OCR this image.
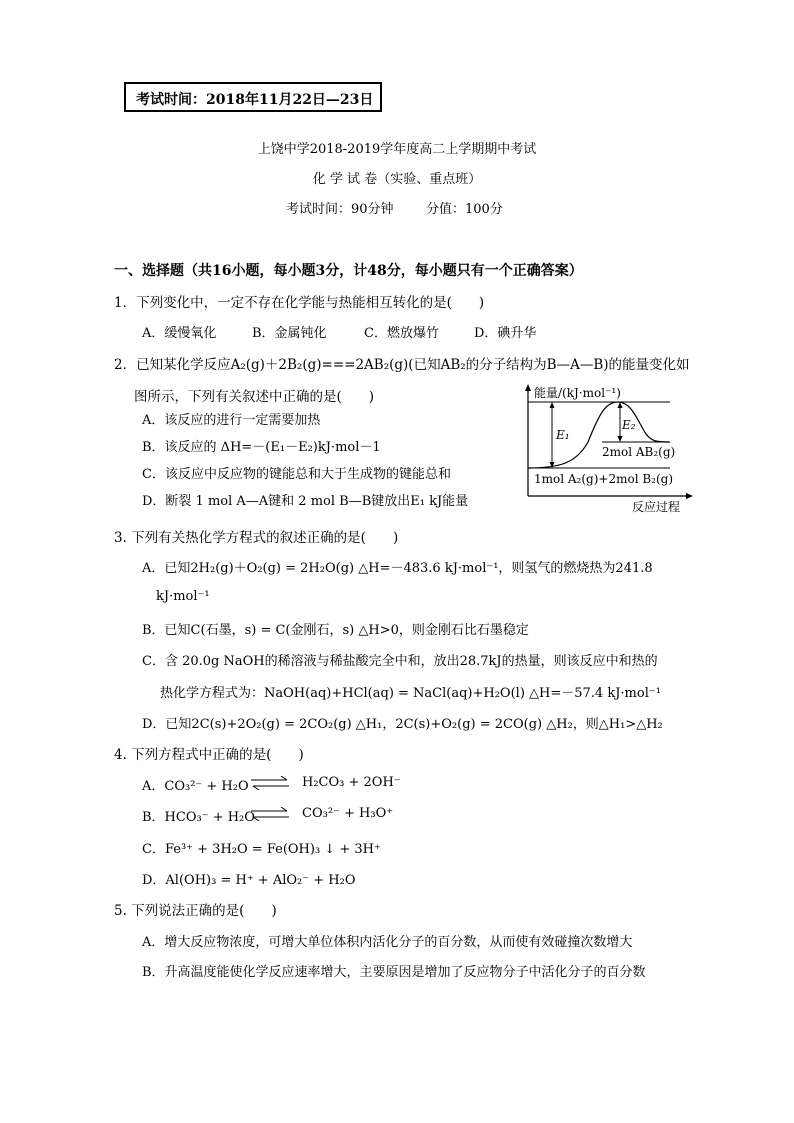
考试时间：2018年11月22日—23日
上饶中学2018-2019学年度高二上学期期中考试
化 学 试 卷（实验、重点班）
考试时间：90分钟 分值：100分
一、选择题（共16小题，每小题3分，计48分，每小题只有一个正确答案）
1．下列变化中，一定不存在化学能与热能相互转化的是(　　)
A．缓慢氧化	B．金属钝化	C．燃放爆竹	D．碘升华
2．已知某化学反应A₂(g)＋2B₂(g)===2AB₂(g)(已知AB₂的分子结构为B—A—B)的能量变化如
图所示，下列有关叙述中正确的是(　　)
A．该反应的进行一定需要加热
B．该反应的 ΔH=－(E₁－E₂)kJ·mol－1
C．该反应中反应物的键能总和大于生成物的键能总和
D．断裂 1 mol A—A键和 2 mol B—B键放出E₁ kJ能量
能量/(kJ·mol⁻¹)
E₁
E₂
2mol AB₂(g)
1mol A₂(g)+2mol B₂(g)
反应过程
3. 下列有关热化学方程式的叙述正确的是(　　)
A．已知2H₂(g)＋O₂(g) = 2H₂O(g) △H=－483.6 kJ·mol⁻¹，则氢气的燃烧热为241.8
kJ·mol⁻¹
B．已知C(石墨，s) = C(金刚石，s) △H>0，则金刚石比石墨稳定
C．含 20.0g NaOH的稀溶液与稀盐酸完全中和，放出28.7kJ的热量，则该反应中和热的
热化学方程式为：NaOH(aq)+HCl(aq) = NaCl(aq)+H₂O(l) △H=－57.4 kJ·mol⁻¹
D．已知2C(s)+2O₂(g) = 2CO₂(g) △H₁，2C(s)+O₂(g) = 2CO(g) △H₂，则△H₁>△H₂
4. 下列方程式中正确的是(　　)
A．CO₃²⁻ + H₂O ⇌ H₂CO₃ + 2OH⁻
B．HCO₃⁻ + H₂O ⇌ CO₃²⁻ + H₃O⁺
C．Fe³⁺ + 3H₂O = Fe(OH)₃ ↓ + 3H⁺
D．Al(OH)₃ = H⁺ + AlO₂⁻ + H₂O
5. 下列说法正确的是(　　)
A．增大反应物浓度，可增大单位体积内活化分子的百分数，从而使有效碰撞次数增大
B．升高温度能使化学反应速率增大，主要原因是增加了反应物分子中活化分子的百分数
